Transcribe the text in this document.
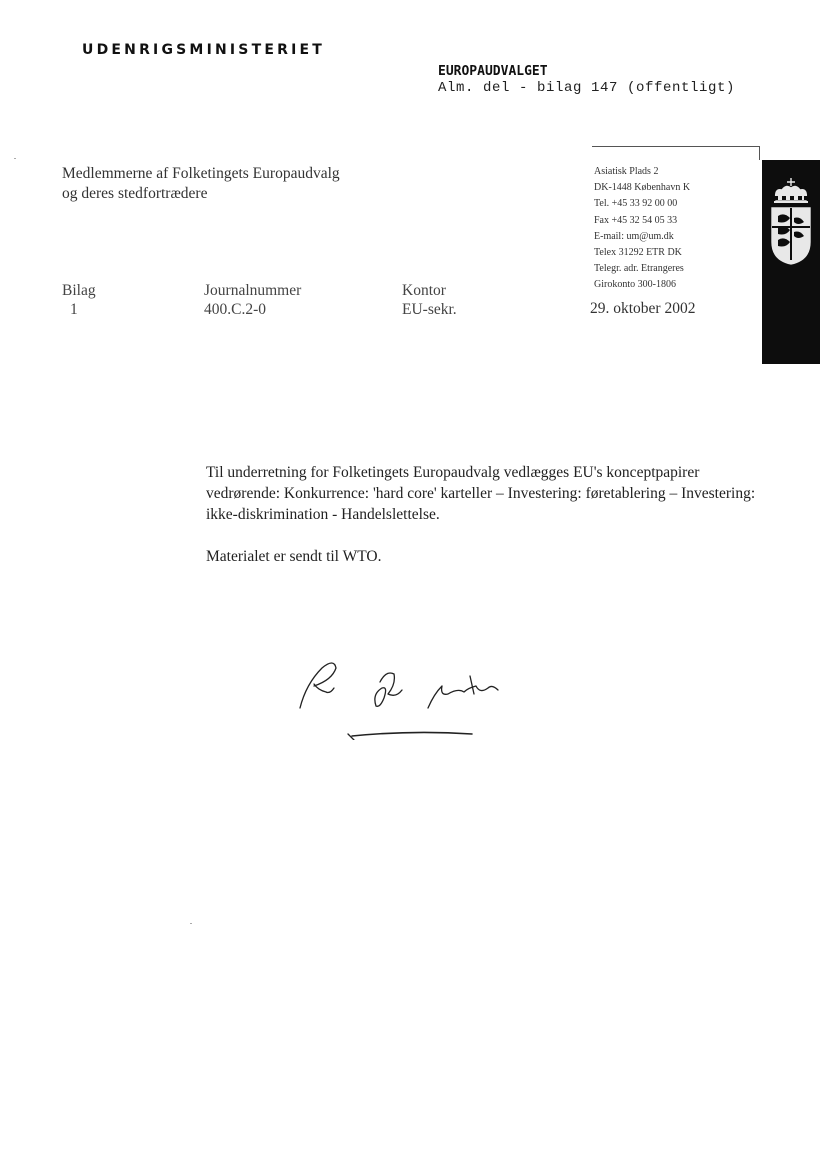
UDENRIGSMINISTERIET
EUROPAUDVALGET
Alm. del - bilag 147 (offentligt)
Medlemmerne af Folketingets Europaudvalg
og deres stedfortrædere
Asiatisk Plads 2
DK-1448 København K
Tel. +45 33 92 00 00
Fax +45 32 54 05 33
E-mail: um@um.dk
Telex 31292 ETR DK
Telegr. adr. Etrangeres
Girokonto 300-1806
Bilag
1
Journalnummer
400.C.2-0
Kontor
EU-sekr.	29. oktober 2002

Til underretning for Folketingets Europaudvalg vedlægges EU's konceptpapirer vedrørende: Konkurrence: 'hard core' karteller – Investering: føretablering – Investering: ikke-diskrimination - Handelslettelse.

Materialet er sendt til WTO.
